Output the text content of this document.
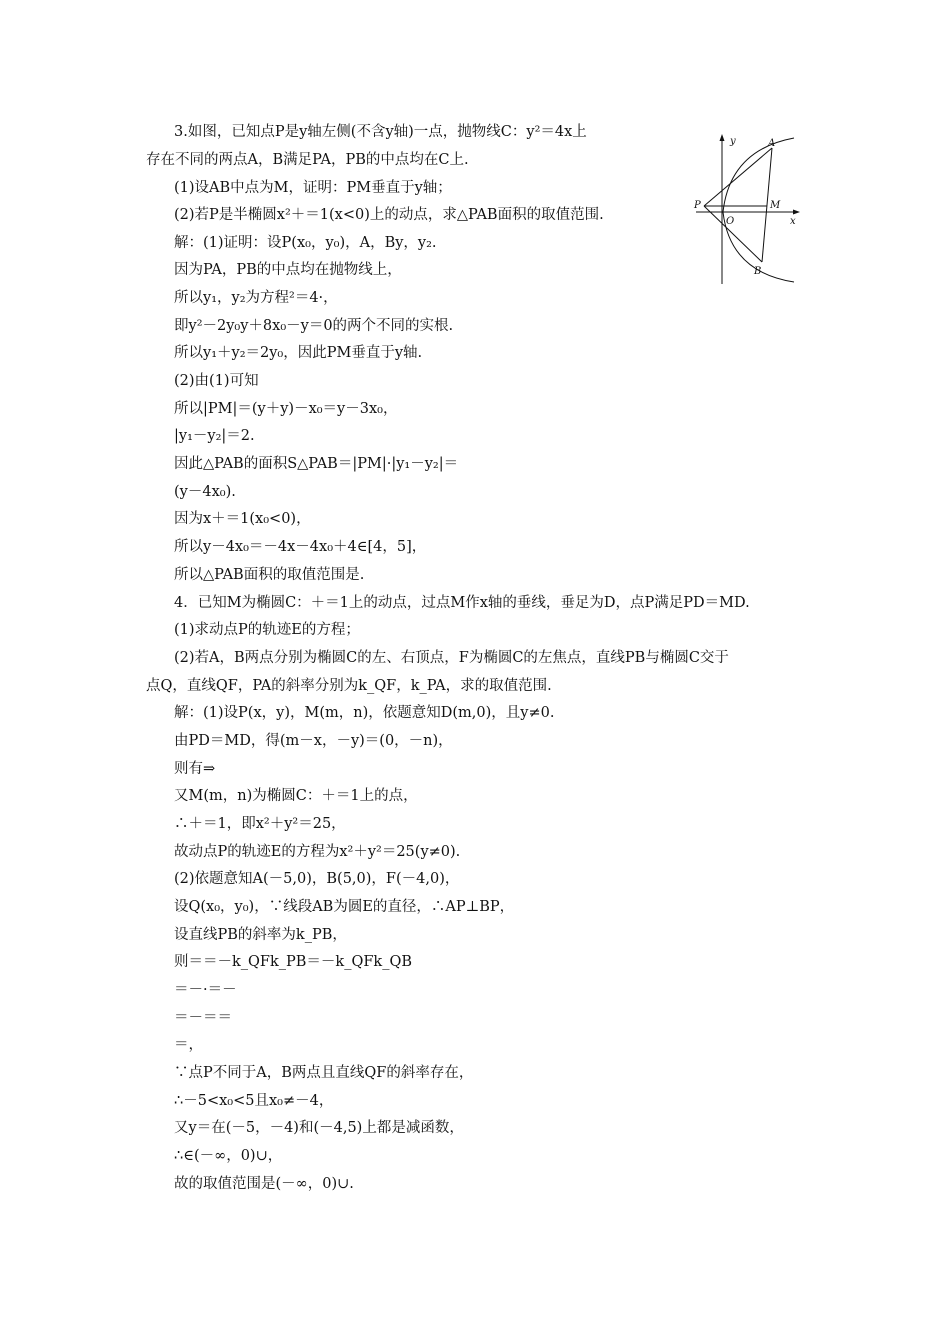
3.如图，已知点P是y轴左侧(不含y轴)一点，抛物线C：y²＝4x上
存在不同的两点A，B满足PA，PB的中点均在C上.
(1)设AB中点为M，证明：PM垂直于y轴；
(2)若P是半椭圆x²＋＝1(x<0)上的动点，求△PAB面积的取值范围.
解：(1)证明：设P(x₀，y₀)，A，By，y₂.
因为PA，PB的中点均在抛物线上，
所以y₁，y₂为方程²＝4·，
即y²－2y₀y＋8x₀－y＝0的两个不同的实根.
所以y₁＋y₂＝2y₀，因此PM垂直于y轴.
(2)由(1)可知
所以|PM|＝(y＋y)－x₀＝y－3x₀，
|y₁－y₂|＝2.
因此△PAB的面积S△PAB＝|PM|·|y₁－y₂|＝
(y－4x₀).
因为x＋＝1(x₀<0)，
所以y－4x₀＝－4x－4x₀＋4∈[4，5]，
所以△PAB面积的取值范围是.
y
x
A
B
P
O
M
4．已知M为椭圆C：＋＝1上的动点，过点M作x轴的垂线，垂足为D，点P满足PD＝MD.
(1)求动点P的轨迹E的方程；
(2)若A，B两点分别为椭圆C的左、右顶点，F为椭圆C的左焦点，直线PB与椭圆C交于
点Q，直线QF，PA的斜率分别为k_QF，k_PA，求的取值范围.
解：(1)设P(x，y)，M(m，n)，依题意知D(m,0)，且y≠0.
由PD＝MD，得(m－x，－y)＝(0，－n)，
则有⇒
又M(m，n)为椭圆C：＋＝1上的点，
∴＋＝1，即x²＋y²＝25，
故动点P的轨迹E的方程为x²＋y²＝25(y≠0).
(2)依题意知A(－5,0)，B(5,0)，F(－4,0)，
设Q(x₀，y₀)，∵线段AB为圆E的直径，∴AP⊥BP，
设直线PB的斜率为k_PB，
则＝＝－k_QFk_PB＝－k_QFk_QB
＝－·＝－
＝－＝＝
＝，
∵点P不同于A，B两点且直线QF的斜率存在，
∴－5<x₀<5且x₀≠－4，
又y＝在(－5，－4)和(－4,5)上都是减函数，
∴∈(－∞，0)∪，
故的取值范围是(－∞，0)∪.
